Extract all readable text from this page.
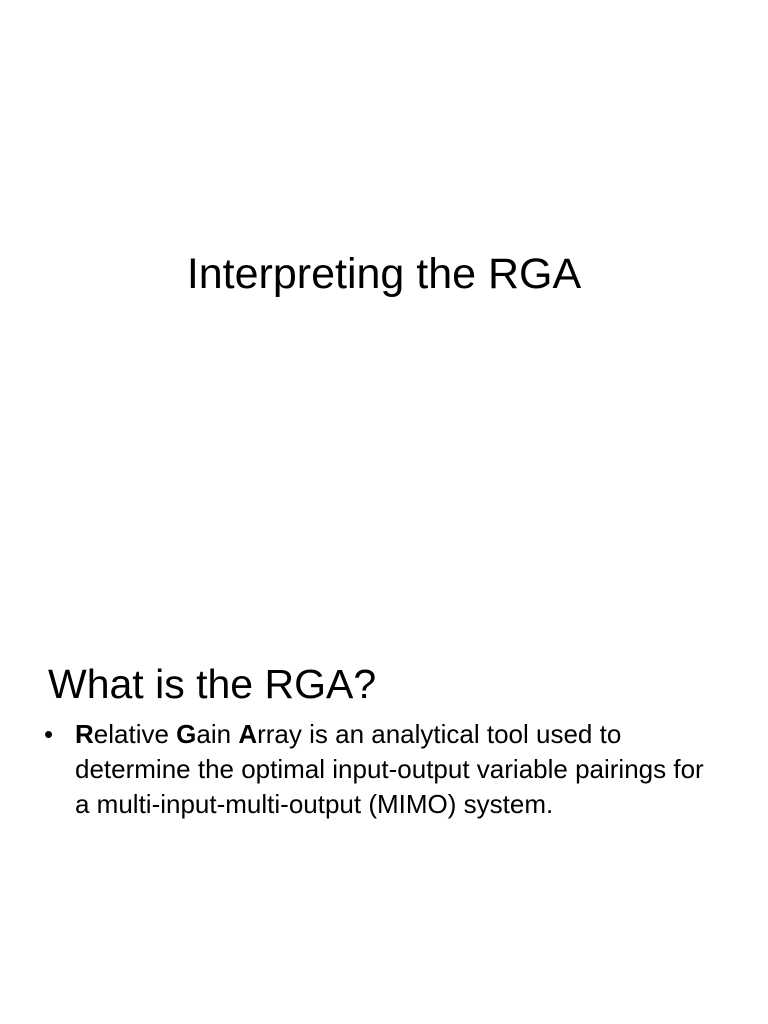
Interpreting the RGA
What is the RGA?
• Relative Gain Array is an analytical tool used to determine the optimal input-output variable pairings for a multi-input-multi-output (MIMO) system.
